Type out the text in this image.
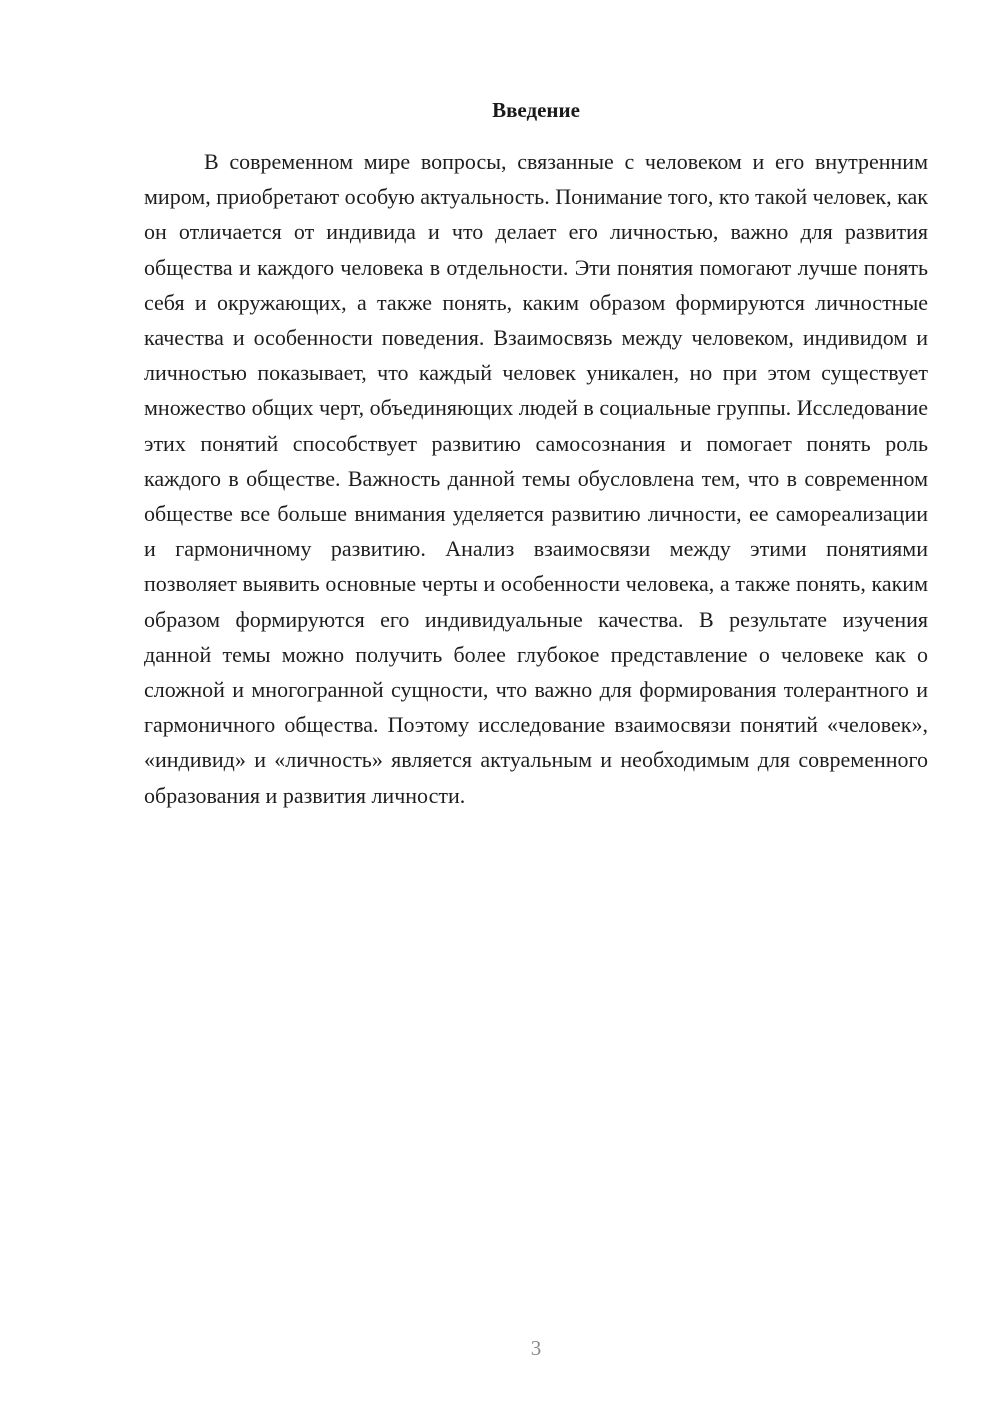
Введение

В современном мире вопросы, связанные с человеком и его внутренним миром, приобретают особую актуальность. Понимание того, кто такой человек, как он отличается от индивида и что делает его личностью, важно для развития общества и каждого человека в отдельности. Эти понятия помогают лучше понять себя и окружающих, а также понять, каким образом формируются личностные качества и особенности поведения. Взаимосвязь между человеком, индивидом и личностью показывает, что каждый человек уникален, но при этом существует множество общих черт, объединяющих людей в социальные группы. Исследование этих понятий способствует развитию самосознания и помогает понять роль каждого в обществе. Важность данной темы обусловлена тем, что в современном обществе все больше внимания уделяется развитию личности, ее самореализации и гармоничному развитию. Анализ взаимосвязи между этими понятиями позволяет выявить основные черты и особенности человека, а также понять, каким образом формируются его индивидуальные качества. В результате изучения данной темы можно получить более глубокое представление о человеке как о сложной и многогранной сущности, что важно для формирования толерантного и гармоничного общества. Поэтому исследование взаимосвязи понятий «человек», «индивид» и «личность» является актуальным и необходимым для современного образования и развития личности.

3
